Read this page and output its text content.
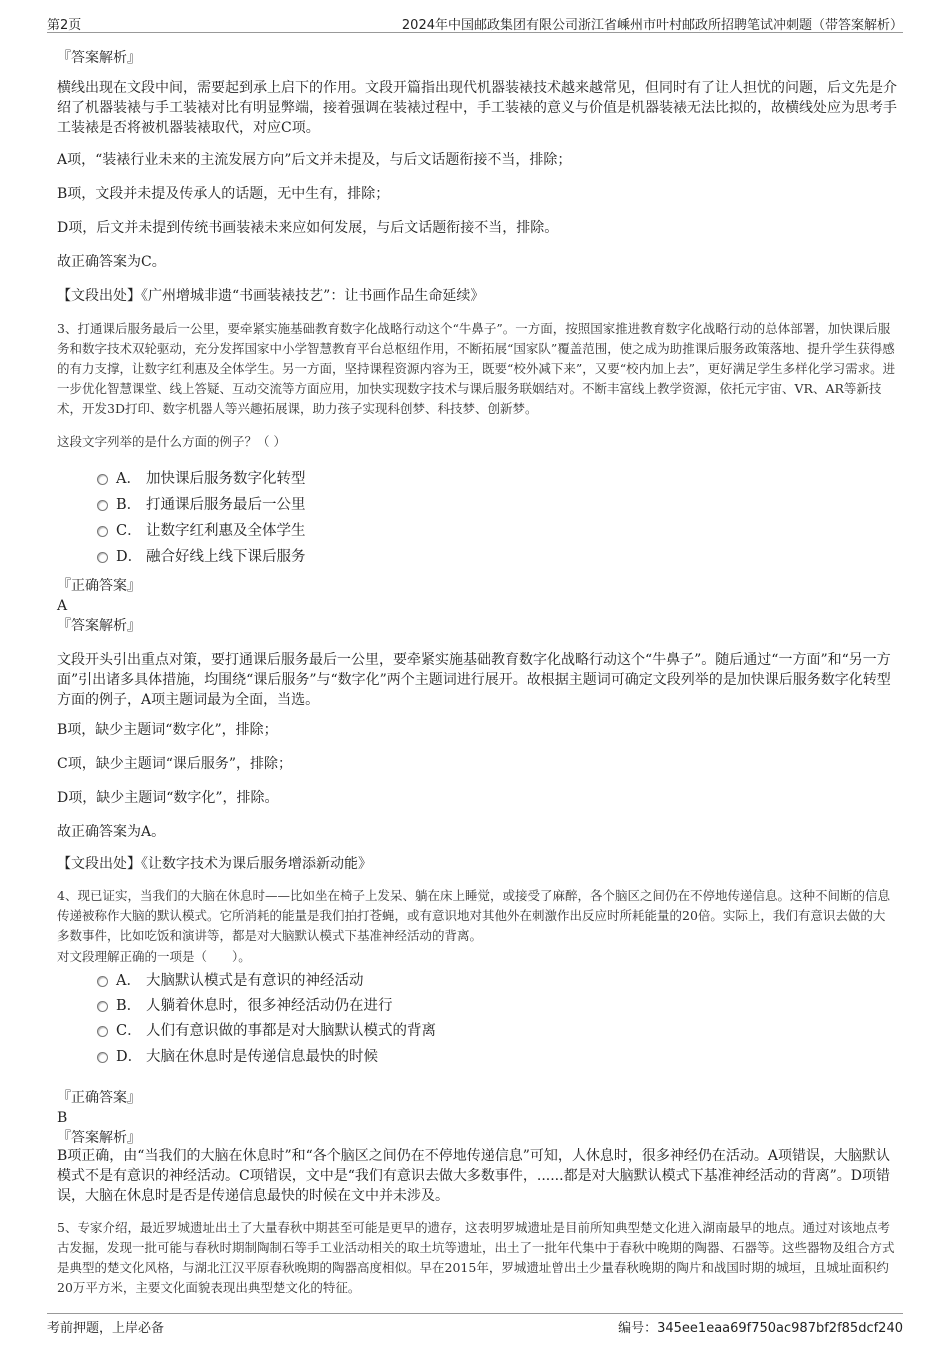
第2页	2024年中国邮政集团有限公司浙江省嵊州市叶村邮政所招聘笔试冲刺题（带答案解析）

『答案解析』

横线出现在文段中间，需要起到承上启下的作用。文段开篇指出现代机器装裱技术越来越常见，但同时有了让人担忧的问题，后文先是介绍了机器装裱与手工装裱对比有明显弊端，接着强调在装裱过程中，手工装裱的意义与价值是机器装裱无法比拟的，故横线处应为思考手工装裱是否将被机器装裱取代，对应C项。

A项，“装裱行业未来的主流发展方向”后文并未提及，与后文话题衔接不当，排除；

B项，文段并未提及传承人的话题，无中生有，排除；

D项，后文并未提到传统书画装裱未来应如何发展，与后文话题衔接不当，排除。

故正确答案为C。

【文段出处】《广州增城非遗“书画装裱技艺”：让书画作品生命延续》

3、打通课后服务最后一公里，要牵紧实施基础教育数字化战略行动这个“牛鼻子”。一方面，按照国家推进教育数字化战略行动的总体部署，加快课后服务和数字技术双轮驱动，充分发挥国家中小学智慧教育平台总枢纽作用，不断拓展“国家队”覆盖范围，使之成为助推课后服务政策落地、提升学生获得感的有力支撑，让数字红利惠及全体学生。另一方面，坚持课程资源内容为王，既要“校外减下来”，又要“校内加上去”，更好满足学生多样化学习需求。进一步优化智慧课堂、线上答疑、互动交流等方面应用，加快实现数字技术与课后服务联姻结对。不断丰富线上教学资源，依托元宇宙、VR、AR等新技术，开发3D打印、数字机器人等兴趣拓展课，助力孩子实现科创梦、科技梦、创新梦。

这段文字列举的是什么方面的例子？（ ）

A． 加快课后服务数字化转型
B． 打通课后服务最后一公里
C． 让数字红利惠及全体学生
D． 融合好线上线下课后服务

『正确答案』

A

『答案解析』

文段开头引出重点对策，要打通课后服务最后一公里，要牵紧实施基础教育数字化战略行动这个“牛鼻子”。随后通过“一方面”和“另一方面”引出诸多具体措施，均围绕“课后服务”与“数字化”两个主题词进行展开。故根据主题词可确定文段列举的是加快课后服务数字化转型方面的例子，A项主题词最为全面，当选。

B项，缺少主题词“数字化”，排除；

C项，缺少主题词“课后服务”，排除；

D项，缺少主题词“数字化”，排除。

故正确答案为A。

【文段出处】《让数字技术为课后服务增添新动能》

4、现已证实，当我们的大脑在休息时——比如坐在椅子上发呆、躺在床上睡觉，或接受了麻醉，各个脑区之间仍在不停地传递信息。这种不间断的信息传递被称作大脑的默认模式。它所消耗的能量是我们拍打苍蝇，或有意识地对其他外在刺激作出反应时所耗能量的20倍。实际上，我们有意识去做的大多数事件，比如吃饭和演讲等，都是对大脑默认模式下基准神经活动的背离。

对文段理解正确的一项是（　　）。

A． 大脑默认模式是有意识的神经活动
B． 人躺着休息时，很多神经活动仍在进行
C． 人们有意识做的事都是对大脑默认模式的背离
D． 大脑在休息时是传递信息最快的时候

『正确答案』

B

『答案解析』

B项正确，由“当我们的大脑在休息时”和“各个脑区之间仍在不停地传递信息”可知，人休息时，很多神经仍在活动。A项错误，大脑默认模式不是有意识的神经活动。C项错误，文中是“我们有意识去做大多数事件，......都是对大脑默认模式下基准神经活动的背离”。D项错误，大脑在休息时是否是传递信息最快的时候在文中并未涉及。

5、专家介绍，最近罗城遗址出土了大量春秋中期甚至可能是更早的遗存，这表明罗城遗址是目前所知典型楚文化进入湖南最早的地点。通过对该地点考古发掘，发现一批可能与春秋时期制陶制石等手工业活动相关的取土坑等遗址，出土了一批年代集中于春秋中晚期的陶器、石器等。这些器物及组合方式是典型的楚文化风格，与湖北江汉平原春秋晚期的陶器高度相似。早在2015年，罗城遗址曾出土少量春秋晚期的陶片和战国时期的城垣，且城址面积约20万平方米，主要文化面貌表现出典型楚文化的特征。

考前押题，上岸必备	编号：345ee1eaa69f750ac987bf2f85dcf240
